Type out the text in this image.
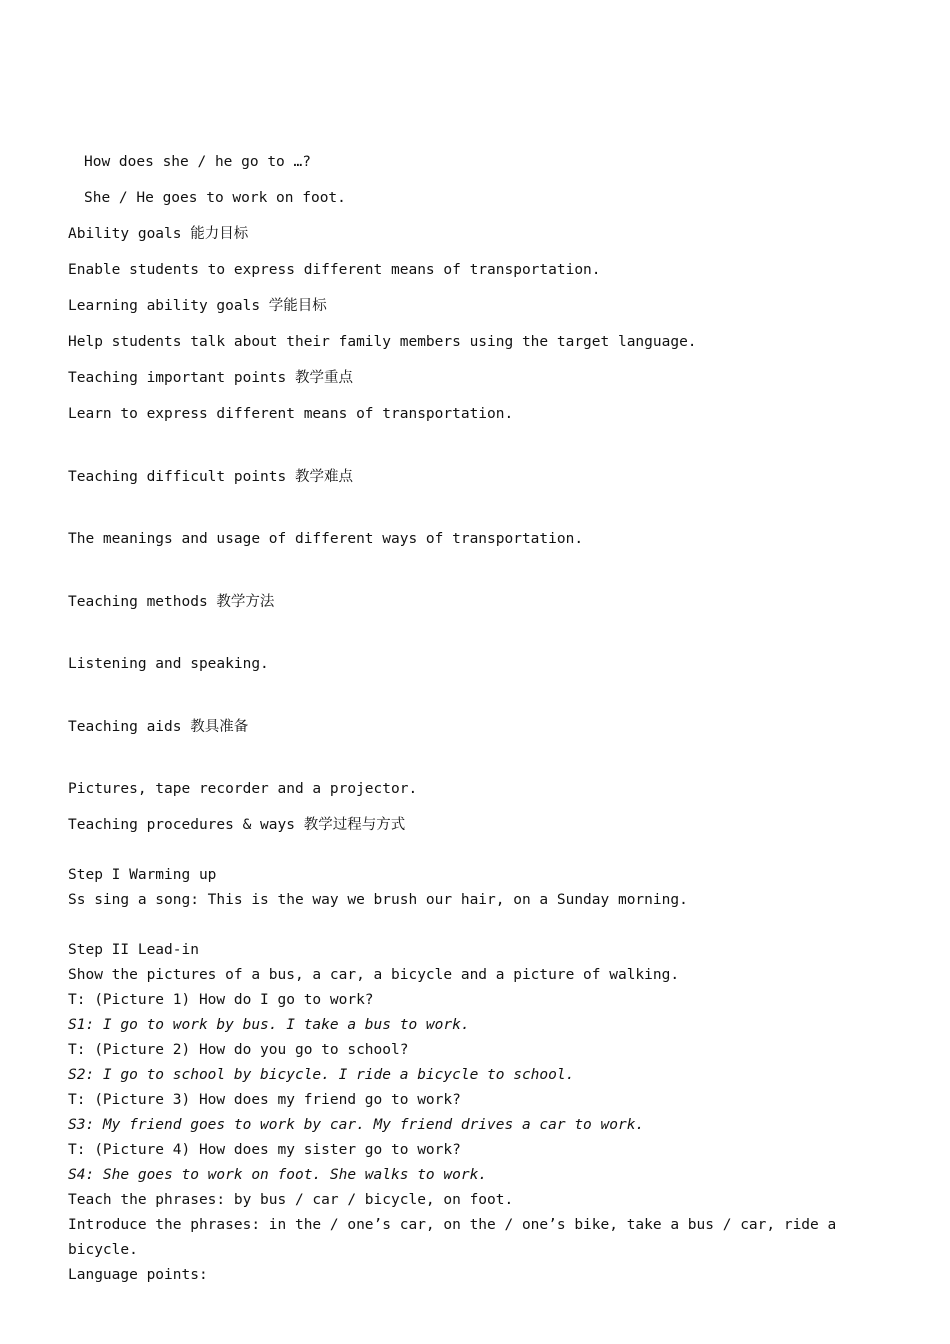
How does she / he go to …?
She / He goes to work on foot.
Ability goals 能力目标
Enable students to express different means of transportation.
Learning ability goals 学能目标
Help students talk about their family members using the target language.
Teaching important points 教学重点
Learn to express different means of transportation.
Teaching difficult points 教学难点
The meanings and usage of different ways of transportation.
Teaching methods 教学方法
Listening and speaking.
Teaching aids 教具准备
Pictures, tape recorder and a projector.
Teaching procedures & ways 教学过程与方式
Step I Warming up
Ss sing a song: This is the way we brush our hair, on a Sunday morning.
Step II Lead-in
Show the pictures of a bus, a car, a bicycle and a picture of walking.
T: (Picture 1) How do I go to work?
S1: I go to work by bus. I take a bus to work.
T: (Picture 2) How do you go to school?
S2: I go to school by bicycle. I ride a bicycle to school.
T: (Picture 3) How does my friend go to work?
S3: My friend goes to work by car. My friend drives a car to work.
T: (Picture 4) How does my sister go to work?
S4: She goes to work on foot. She walks to work.
Teach the phrases: by bus / car / bicycle, on foot.
Introduce the phrases: in the / one’s car, on the / one’s bike, take a bus / car, ride a
bicycle.
Language points:
